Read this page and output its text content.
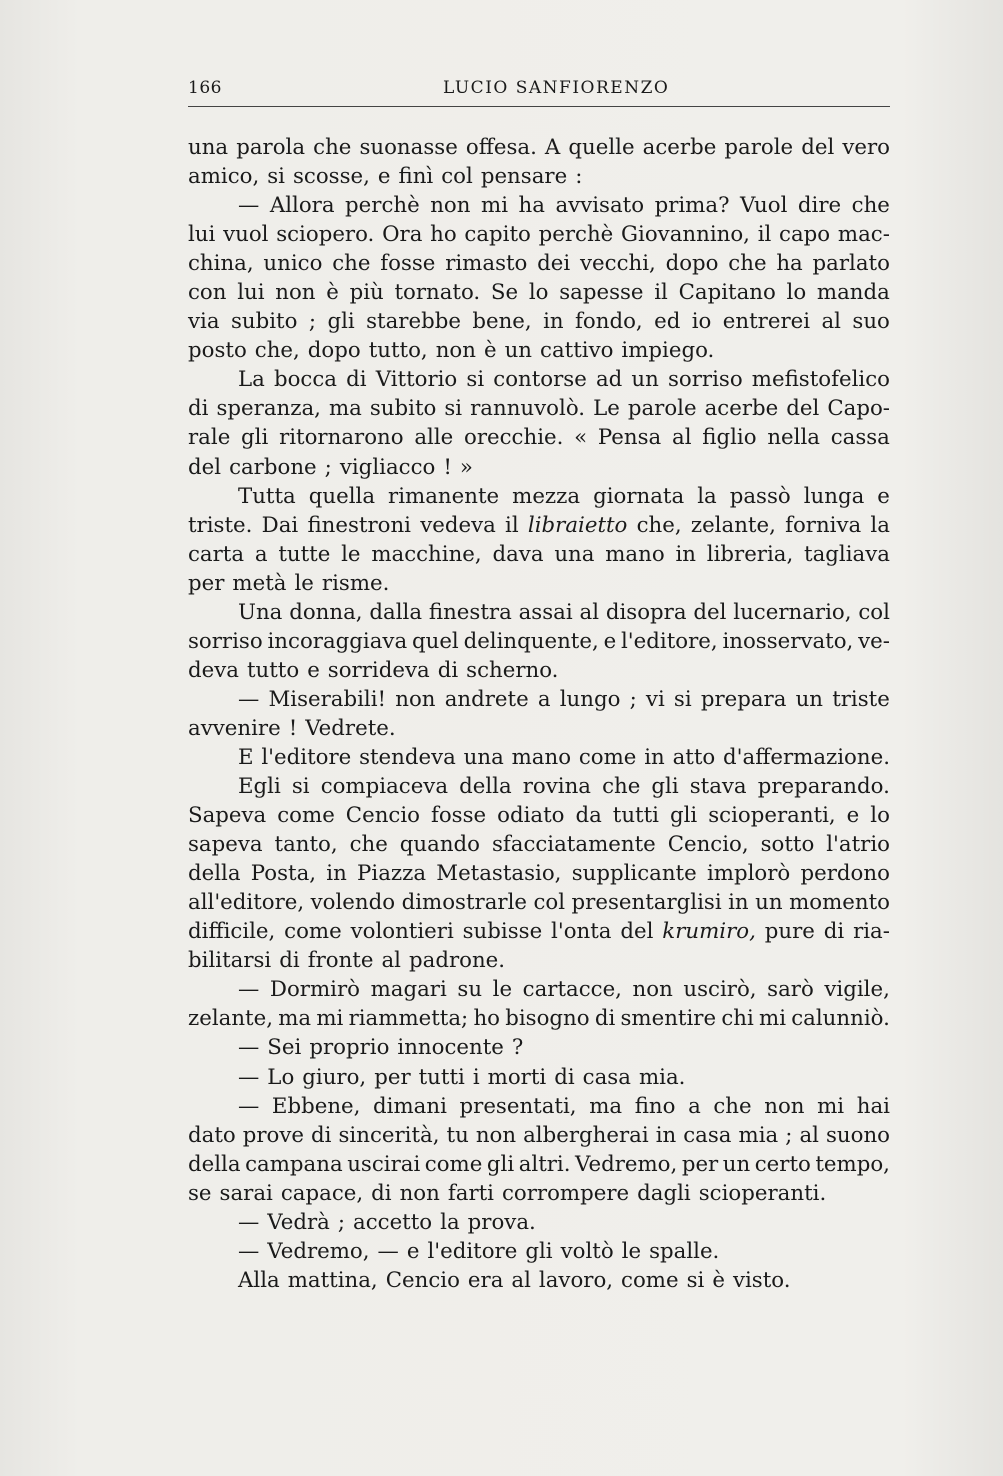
166	LUCIO SANFIORENZO
una parola che suonasse offesa. A quelle acerbe parole del vero
amico, si scosse, e finì col pensare :
— Allora perchè non mi ha avvisato prima? Vuol dire che
lui vuol sciopero. Ora ho capito perchè Giovannino, il capo mac-
china, unico che fosse rimasto dei vecchi, dopo che ha parlato
con lui non è più tornato. Se lo sapesse il Capitano lo manda
via subito ; gli starebbe bene, in fondo, ed io entrerei al suo
posto che, dopo tutto, non è un cattivo impiego.
La bocca di Vittorio si contorse ad un sorriso mefistofelico
di speranza, ma subito si rannuvolò. Le parole acerbe del Capo-
rale gli ritornarono alle orecchie. « Pensa al figlio nella cassa
del carbone ; vigliacco ! »
Tutta quella rimanente mezza giornata la passò lunga e
triste. Dai finestroni vedeva il libraietto che, zelante, forniva la
carta a tutte le macchine, dava una mano in libreria, tagliava
per metà le risme.
Una donna, dalla finestra assai al disopra del lucernario, col
sorriso incoraggiava quel delinquente, e l'editore, inosservato, ve-
deva tutto e sorrideva di scherno.
— Miserabili! non andrete a lungo ; vi si prepara un triste
avvenire ! Vedrete.
E l'editore stendeva una mano come in atto d'affermazione.
Egli si compiaceva della rovina che gli stava preparando.
Sapeva come Cencio fosse odiato da tutti gli scioperanti, e lo
sapeva tanto, che quando sfacciatamente Cencio, sotto l'atrio
della Posta, in Piazza Metastasio, supplicante implorò perdono
all'editore, volendo dimostrarle col presentarglisi in un momento
difficile, come volontieri subisse l'onta del krumiro, pure di ria-
bilitarsi di fronte al padrone.
— Dormirò magari su le cartacce, non uscirò, sarò vigile,
zelante, ma mi riammetta; ho bisogno di smentire chi mi calunniò.
— Sei proprio innocente ?
— Lo giuro, per tutti i morti di casa mia.
— Ebbene, dimani presentati, ma fino a che non mi hai
dato prove di sincerità, tu non albergherai in casa mia ; al suono
della campana uscirai come gli altri. Vedremo, per un certo tempo,
se sarai capace, di non farti corrompere dagli scioperanti.
— Vedrà ; accetto la prova.
— Vedremo, — e l'editore gli voltò le spalle.
Alla mattina, Cencio era al lavoro, come si è visto.
